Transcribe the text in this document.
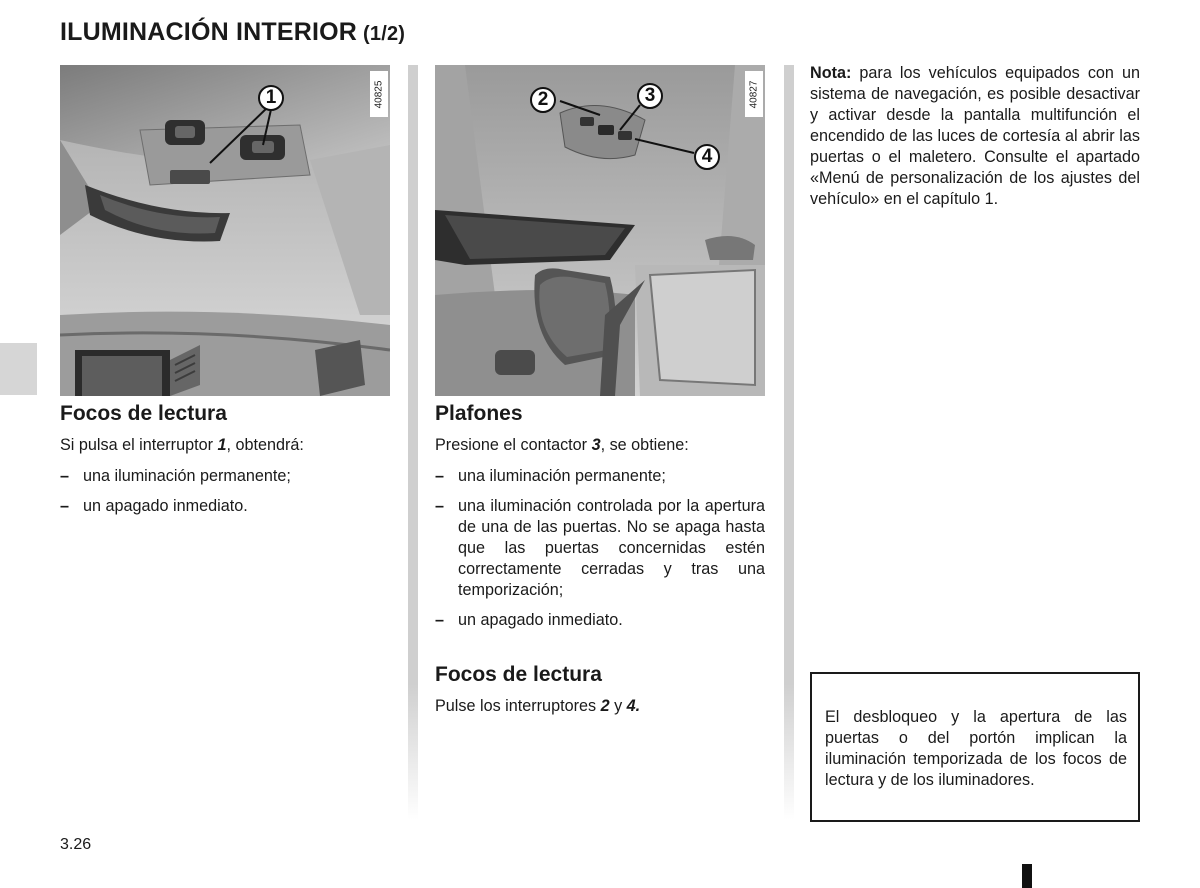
ILUMINACIÓN INTERIOR (1/2)
40825
1	40827
2	3
4
Focos de lectura

Si pulsa el interruptor 1, obtendrá:

– una iluminación permanente;
– un apagado inmediato.
Plafones

Presione el contactor 3, se obtiene:

– una iluminación permanente;
– una iluminación controlada por la apertura de una de las puertas. No se apaga hasta que las puertas concernidas estén correctamente cerradas y tras una temporización;
– un apagado inmediato.
Focos de lectura

Pulse los interruptores 2 y 4.

Nota: para los vehículos equipados con un sistema de navegación, es posible desactivar y activar desde la pantalla multifunción el encendido de las luces de cortesía al abrir las puertas o el maletero. Consulte el apartado «Menú de personalización de los ajustes del vehículo» en el capítulo 1.

El desbloqueo y la apertura de las puertas o del portón implican la iluminación temporizada de los focos de lectura y de los iluminadores.

3.26
